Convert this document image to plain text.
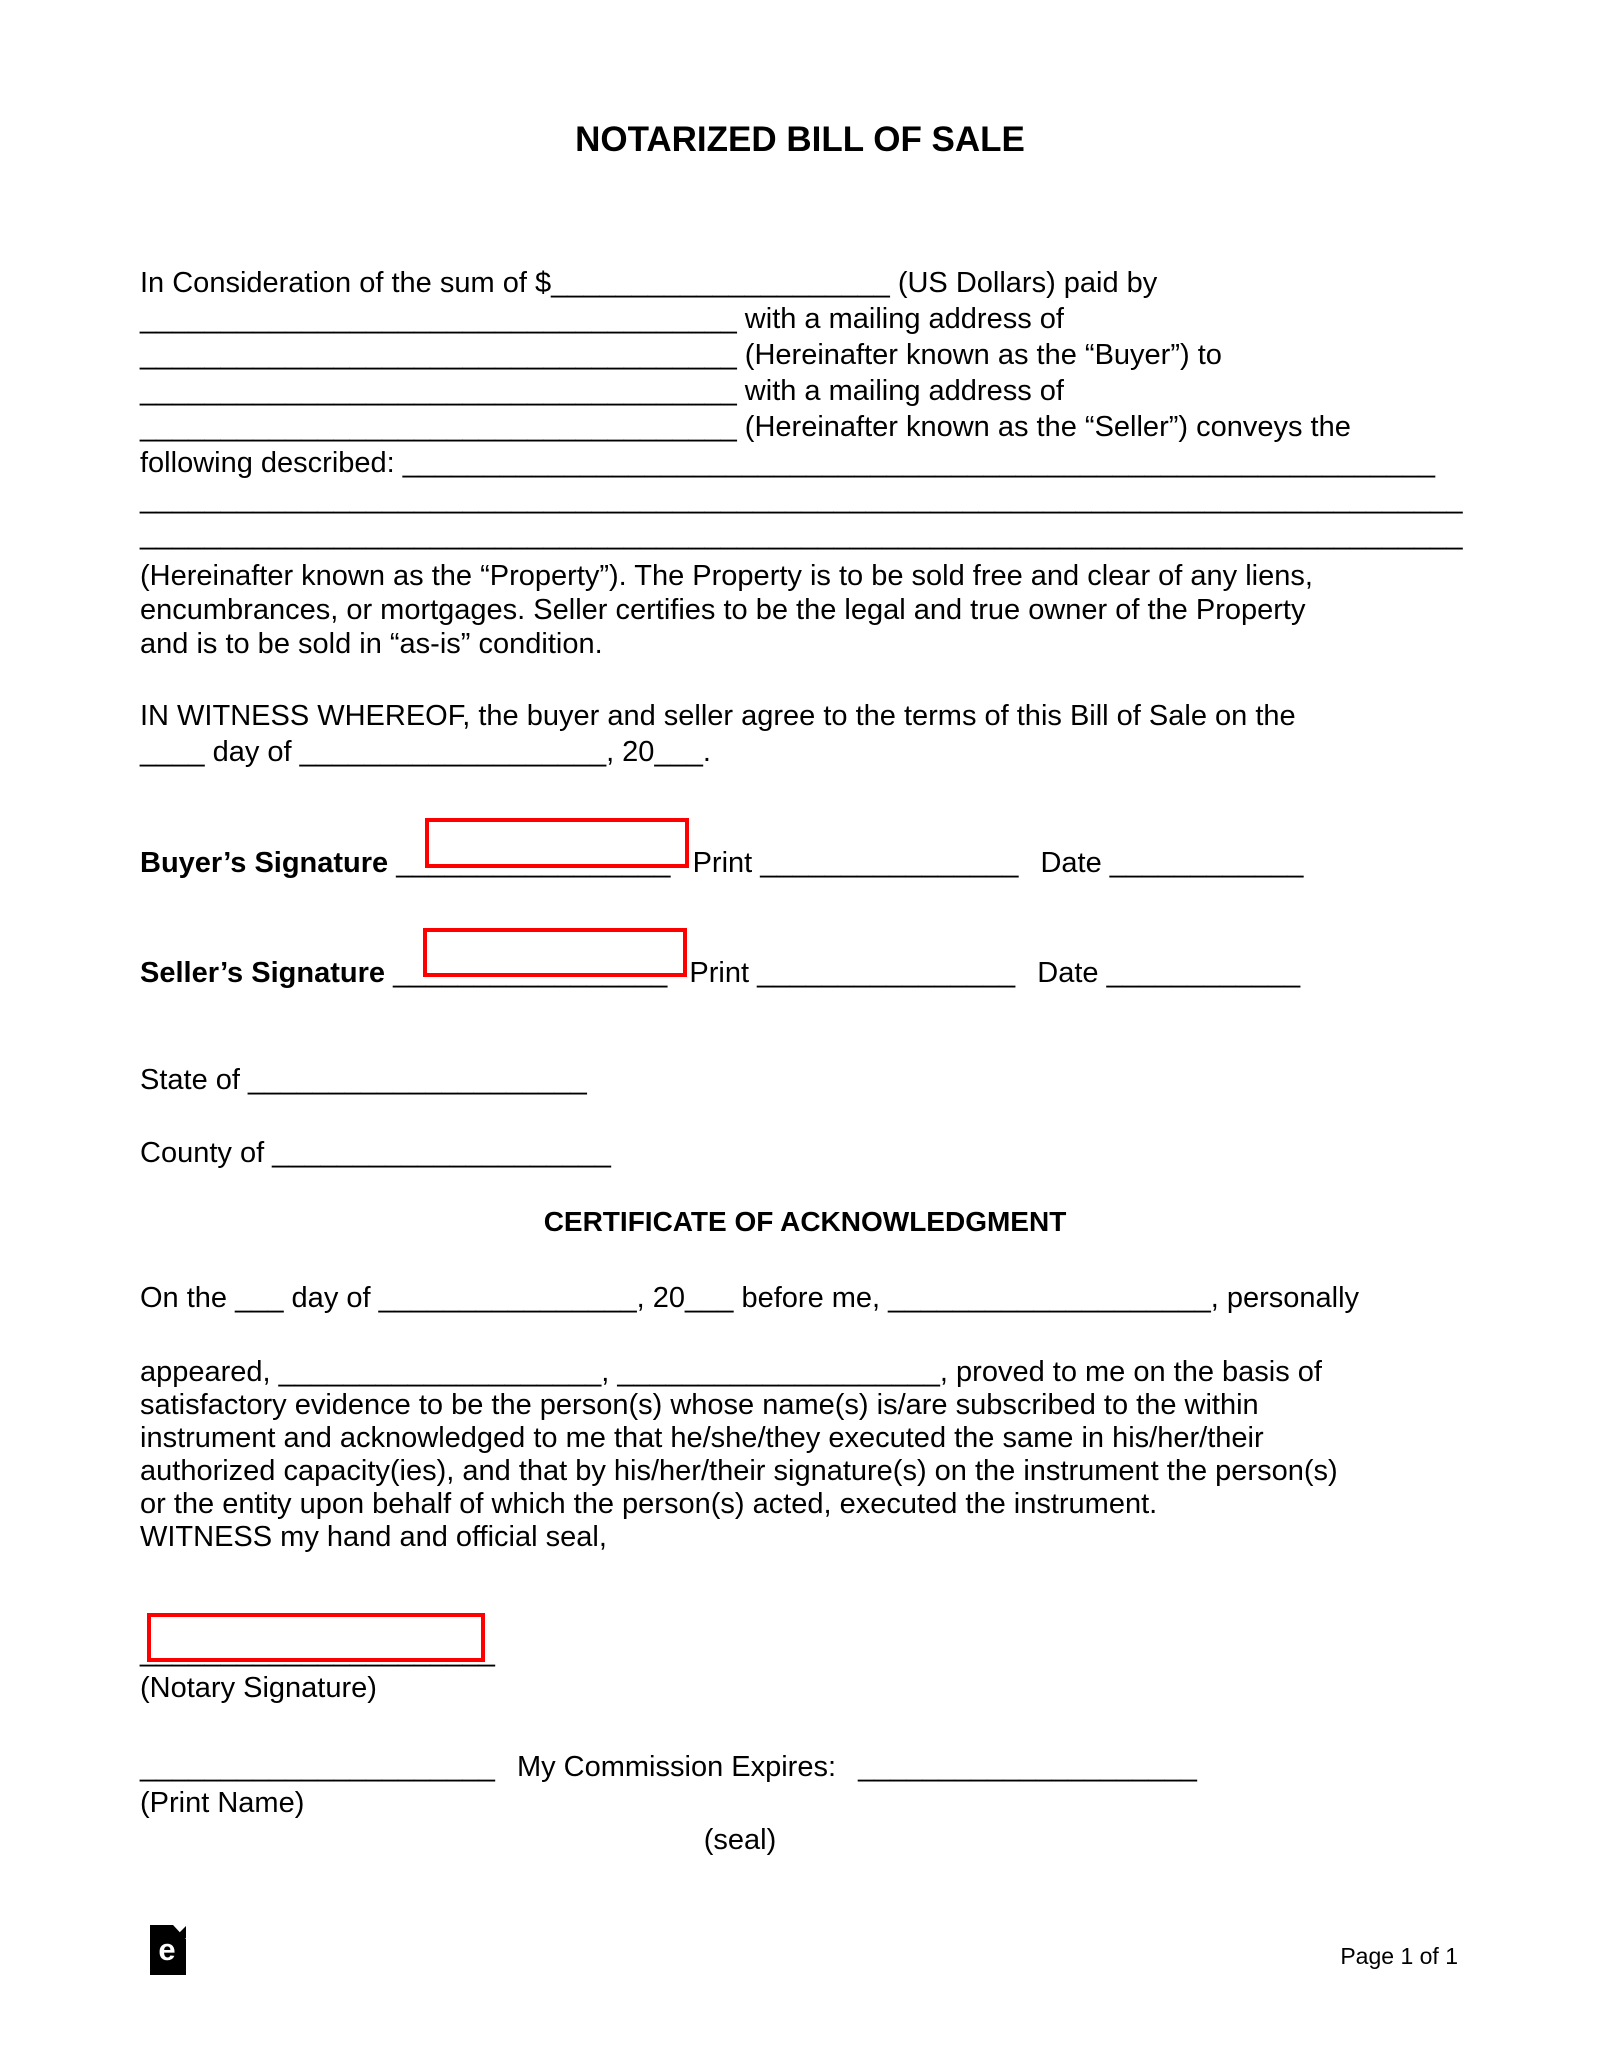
NOTARIZED BILL OF SALE
In Consideration of the sum of $_____________________ (US Dollars) paid by
_____________________________________ with a mailing address of
_____________________________________ (Hereinafter known as the “Buyer”) to
_____________________________________ with a mailing address of
_____________________________________ (Hereinafter known as the “Seller”) conveys the
following described: ________________________________________________________________
__________________________________________________________________________________
__________________________________________________________________________________
(Hereinafter known as the “Property”). The Property is to be sold free and clear of any liens,
encumbrances, or mortgages. Seller certifies to be the legal and true owner of the Property
and is to be sold in “as-is” condition.
IN WITNESS WHEREOF, the buyer and seller agree to the terms of this Bill of Sale on the
____ day of ___________________, 20___.
Buyer’s Signature _________________ Print ________________ Date ____________
Seller’s Signature _________________ Print ________________ Date ____________
State of _____________________
County of _____________________
CERTIFICATE OF ACKNOWLEDGMENT
On the ___ day of ________________, 20___ before me, ____________________, personally
appeared, ____________________, ____________________, proved to me on the basis of
satisfactory evidence to be the person(s) whose name(s) is/are subscribed to the within
instrument and acknowledged to me that he/she/they executed the same in his/her/their
authorized capacity(ies), and that by his/her/their signature(s) on the instrument the person(s)
or the entity upon behalf of which the person(s) acted, executed the instrument.
WITNESS my hand and official seal,
______________________
(Notary Signature)
______________________ My Commission Expires: _____________________
(Print Name)
(seal)
e	Page 1 of 1
